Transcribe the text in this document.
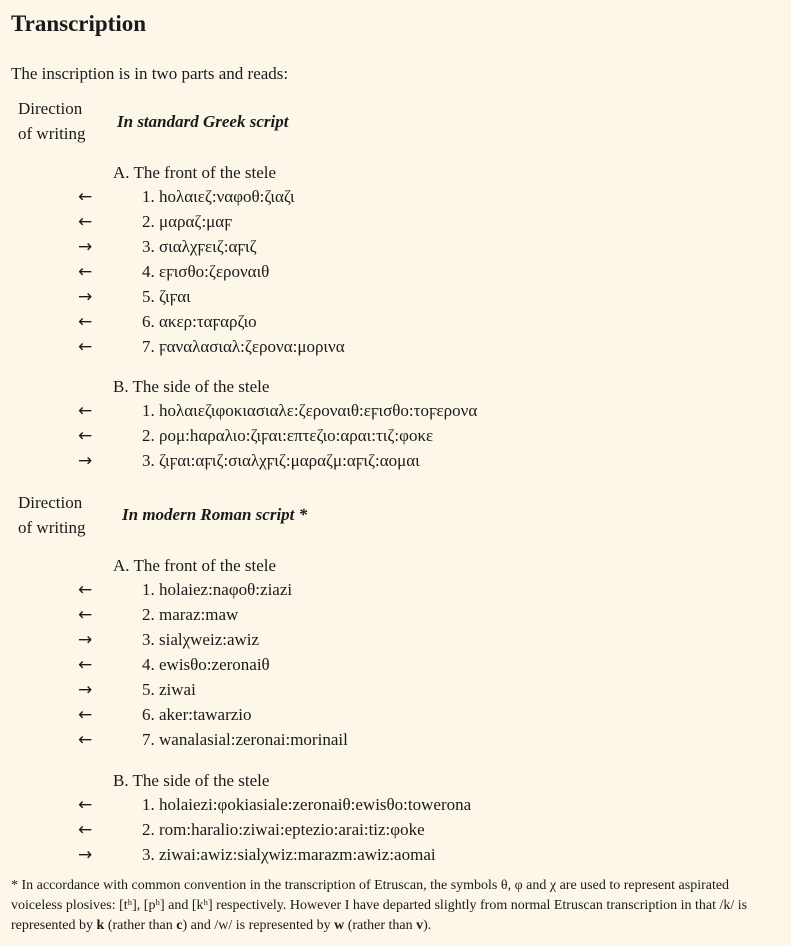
Transcription
The inscription is in two parts and reads:
Direction
of writing
In standard Greek script
A. The front of the stele
←	1. hολαιεζ:ναφοθ:ζιαζι
←	2. μαραζ:μαϝ
→	3. σιαλχϝειζ:αϝιζ
←	4. εϝισθο:ζεροναιθ
→	5. ζιϝαι
←	6. ακερ:ταϝαρζιο
←	7. ϝαναλασιαλ:ζερονα:μορινα
B. The side of the stele
←	1. hολαιεζιφοκιασιαλε:ζεροναιθ:εϝισθο:τοϝερονα
←	2. ρομ:hαραλιο:ζιϝαι:επτεζιο:αραι:τιζ:φοκε
→	3. ζιϝαι:αϝιζ:σιαλχϝιζ:μαραζμ:αϝιζ:αομαι
Direction
of writing
In modern Roman script *
A. The front of the stele
←	1. holaiez:naφoθ:ziazi
←	2. maraz:maw
→	3. sialχweiz:awiz
←	4. ewisθo:zeronaiθ
→	5. ziwai
←	6. aker:tawarzio
←	7. wanalasial:zeronai:morinail
B. The side of the stele
←	1. holaiezi:φokiasiale:zeronaiθ:ewisθo:towerona
←	2. rom:haralio:ziwai:eptezio:arai:tiz:φoke
→	3. ziwai:awiz:sialχwiz:marazm:awiz:aomai
* In accordance with common convention in the transcription of Etruscan, the symbols θ, φ and χ are used to represent aspirated voiceless plosives: [tʰ], [pʰ] and [kʰ] respectively. However I have departed slightly from normal Etruscan transcription in that /k/ is represented by k (rather than c) and /w/ is represented by w (rather than v).
